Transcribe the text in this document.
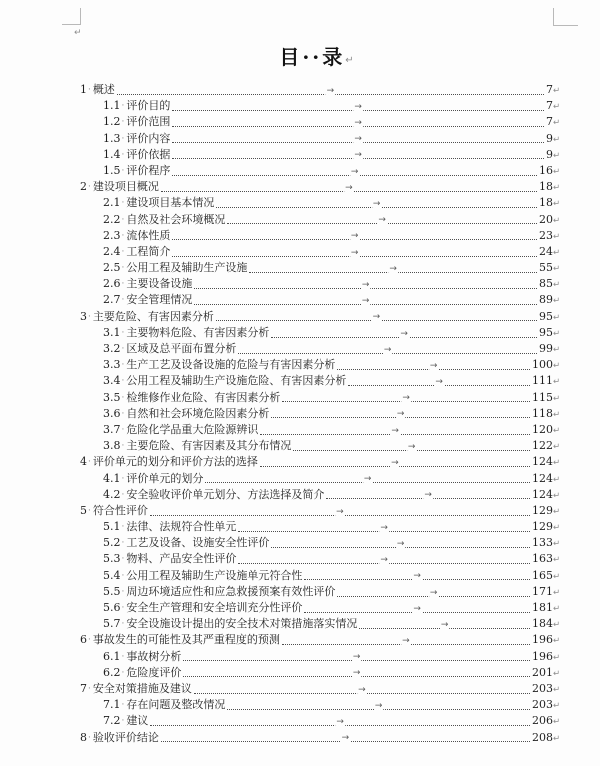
↵
目··录↵
1 · 概述	→	7 ↵
1.1 · 评价目的	→	7 ↵
1.2 · 评价范围	→	7 ↵
1.3 · 评价内容	→	9 ↵
1.4 · 评价依据	→	9 ↵
1.5 · 评价程序	→	16 ↵
2 · 建设项目概况	→	18 ↵
2.1 · 建设项目基本情况	→	18 ↵
2.2 · 自然及社会环境概况	→	20 ↵
2.3 · 流体性质	→	23 ↵
2.4 · 工程简介	→	24 ↵
2.5 · 公用工程及辅助生产设施	→	55 ↵
2.6 · 主要设备设施	→	85 ↵
2.7 · 安全管理情况	→	89 ↵
3 · 主要危险、有害因素分析	→	95 ↵
3.1 · 主要物料危险、有害因素分析	→	95 ↵
3.2 · 区域及总平面布置分析	→	99 ↵
3.3 · 生产工艺及设备设施的危险与有害因素分析	→	100 ↵
3.4 · 公用工程及辅助生产设施危险、有害因素分析	→	111 ↵
3.5 · 检维修作业危险、有害因素分析	→	115 ↵
3.6 · 自然和社会环境危险因素分析	→	118 ↵
3.7 · 危险化学品重大危险源辨识	→	120 ↵
3.8 · 主要危险、有害因素及其分布情况	→	122 ↵
4 · 评价单元的划分和评价方法的选择	→	124 ↵
4.1 · 评价单元的划分	→	124 ↵
4.2 · 安全验收评价单元划分、方法选择及简介	→	124 ↵
5 · 符合性评价	→	129 ↵
5.1 · 法律、法规符合性单元	→	129 ↵
5.2 · 工艺及设备、设施安全性评价	→	133 ↵
5.3 · 物料、产品安全性评价	→	163 ↵
5.4 · 公用工程及辅助生产设施单元符合性	→	165 ↵
5.5 · 周边环境适应性和应急救援预案有效性评价	→	171 ↵
5.6 · 安全生产管理和安全培训充分性评价	→	181 ↵
5.7 · 安全设施设计提出的安全技术对策措施落实情况	→	184 ↵
6 · 事故发生的可能性及其严重程度的预测	→	196 ↵
6.1 · 事故树分析	→	196 ↵
6.2 · 危险度评价	→	201 ↵
7 · 安全对策措施及建议	→	203 ↵
7.1 · 存在问题及整改情况	→	203 ↵
7.2 · 建议	→	206 ↵
8 · 验收评价结论	→	208 ↵
